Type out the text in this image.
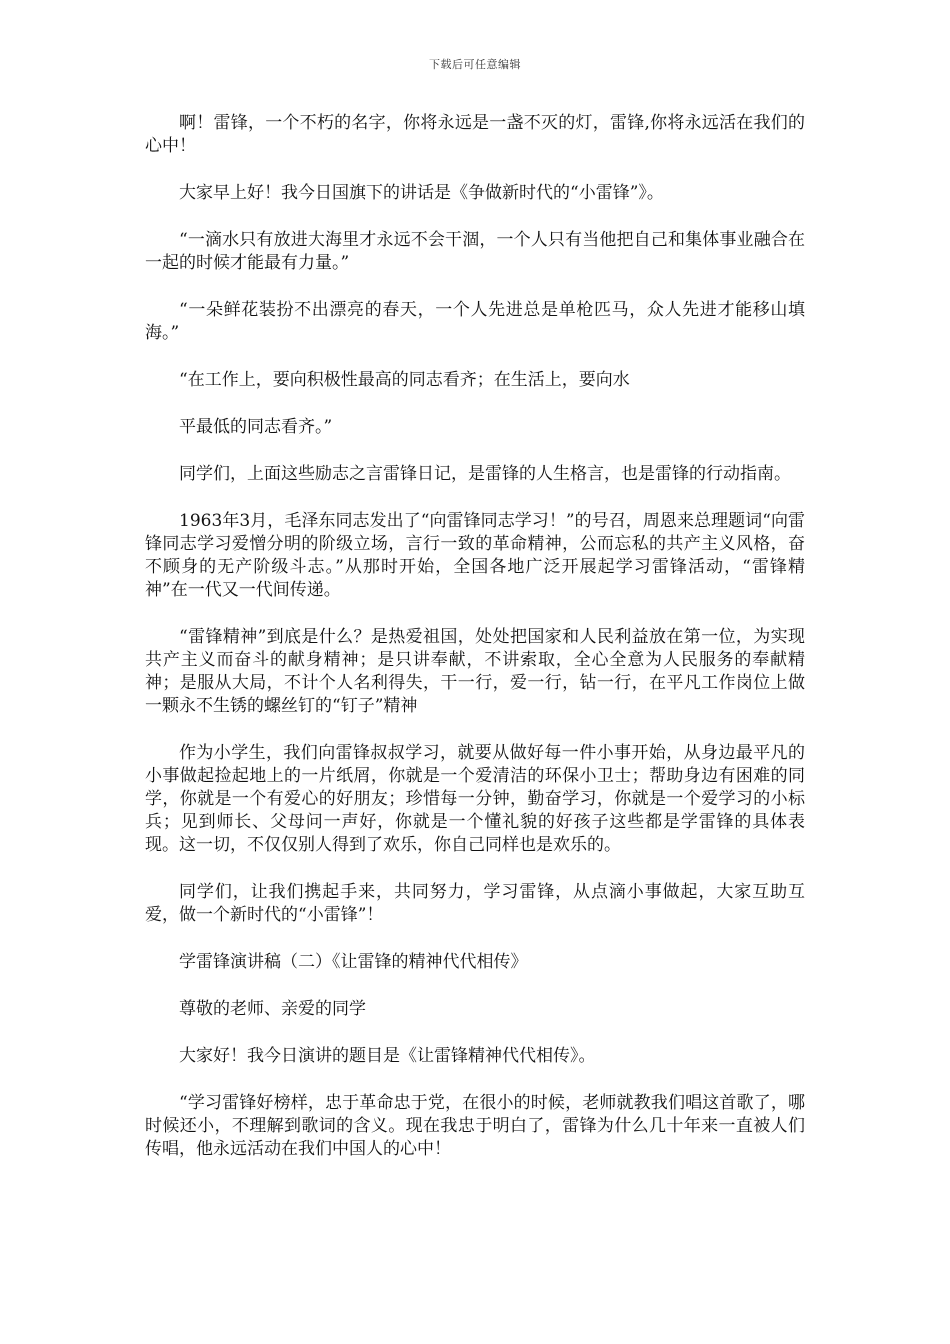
下载后可任意编辑

啊！雷锋，一个不朽的名字，你将永远是一盏不灭的灯，雷锋,你将永远活在我们的心中！

大家早上好！我今日国旗下的讲话是《争做新时代的“小雷锋”》。

“一滴水只有放进大海里才永远不会干涸，一个人只有当他把自己和集体事业融合在一起的时候才能最有力量。”

“一朵鲜花装扮不出漂亮的春天，一个人先进总是单枪匹马，众人先进才能移山填海。”

“在工作上，要向积极性最高的同志看齐；在生活上，要向水

平最低的同志看齐。”

同学们，上面这些励志之言雷锋日记，是雷锋的人生格言，也是雷锋的行动指南。

1963年3月，毛泽东同志发出了“向雷锋同志学习！”的号召，周恩来总理题词“向雷锋同志学习爱憎分明的阶级立场，言行一致的革命精神，公而忘私的共产主义风格，奋不顾身的无产阶级斗志。”从那时开始，全国各地广泛开展起学习雷锋活动，“雷锋精神”在一代又一代间传递。

“雷锋精神”到底是什么？是热爱祖国，处处把国家和人民利益放在第一位，为实现共产主义而奋斗的献身精神；是只讲奉献，不讲索取，全心全意为人民服务的奉献精神；是服从大局，不计个人名利得失，干一行，爱一行，钻一行，在平凡工作岗位上做一颗永不生锈的螺丝钉的“钉子”精神

作为小学生，我们向雷锋叔叔学习，就要从做好每一件小事开始，从身边最平凡的小事做起捡起地上的一片纸屑，你就是一个爱清洁的环保小卫士；帮助身边有困难的同学，你就是一个有爱心的好朋友；珍惜每一分钟，勤奋学习，你就是一个爱学习的小标兵；见到师长、父母问一声好，你就是一个懂礼貌的好孩子这些都是学雷锋的具体表现。这一切，不仅仅别人得到了欢乐，你自己同样也是欢乐的。

同学们，让我们携起手来，共同努力，学习雷锋，从点滴小事做起，大家互助互爱，做一个新时代的“小雷锋”！

学雷锋演讲稿（二）《让雷锋的精神代代相传》

尊敬的老师、亲爱的同学

大家好！我今日演讲的题目是《让雷锋精神代代相传》。

“学习雷锋好榜样，忠于革命忠于党，在很小的时候，老师就教我们唱这首歌了，哪时候还小，不理解到歌词的含义。现在我忠于明白了，雷锋为什么几十年来一直被人们传唱，他永远活动在我们中国人的心中！
